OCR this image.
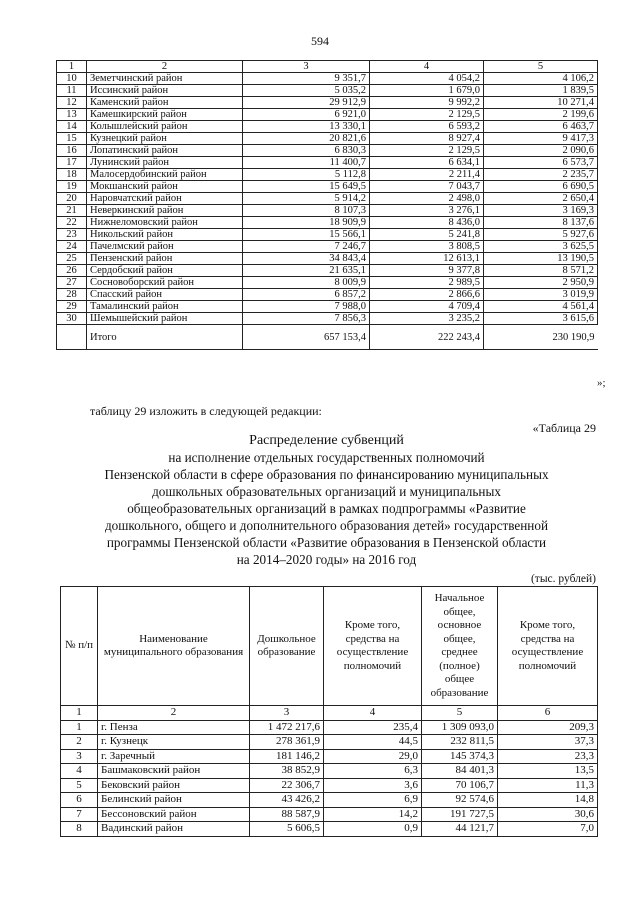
594
1	2	3	4	5
10	Земетчинский район	9 351,7	4 054,2	4 106,2
11	Иссинский район	5 035,2	1 679,0	1 839,5
12	Каменский район	29 912,9	9 992,2	10 271,4
13	Камешкирский район	6 921,0	2 129,5	2 199,6
14	Колышлейский район	13 330,1	6 593,2	6 463,7
15	Кузнецкий район	20 821,6	8 927,4	9 417,3
16	Лопатинский район	6 830,3	2 129,5	2 090,6
17	Лунинский район	11 400,7	6 634,1	6 573,7
18	Малосердобинский район	5 112,8	2 211,4	2 235,7
19	Мокшанский район	15 649,5	7 043,7	6 690,5
20	Наровчатский район	5 914,2	2 498,0	2 650,4
21	Неверкинский район	8 107,3	3 276,1	3 169,3
22	Нижнеломовский район	18 909,9	8 436,0	8 137,6
23	Никольский район	15 566,1	5 241,8	5 927,6
24	Пачелмский район	7 246,7	3 808,5	3 625,5
25	Пензенский район	34 843,4	12 613,1	13 190,5
26	Сердобский район	21 635,1	9 377,8	8 571,2
27	Сосновоборский район	8 009,9	2 989,5	2 950,9
28	Спасский район	6 857,2	2 866,6	3 019,9
29	Тамалинский район	7 988,0	4 709,4	4 561,4
30	Шемышейский район	7 856,3	3 235,2	3 615,6
	Итого	657 153,4	222 243,4	230 190,9
»;
таблицу 29 изложить в следующей редакции:
«Таблица 29
Распределение субвенций
на исполнение отдельных государственных полномочий
Пензенской области в сфере образования по финансированию муниципальных
дошкольных образовательных организаций и муниципальных
общеобразовательных организаций в рамках подпрограммы «Развитие
дошкольного, общего и дополнительного образования детей» государственной
программы Пензенской области «Развитие образования в Пензенской области
на 2014–2020 годы» на 2016 год
(тыс. рублей)
№ п/п	Наименование муниципального образования	Дошкольное образование	Кроме того, средства на осуществление полномочий	Начальное общее, основное общее, среднее (полное) общее образование	Кроме того, средства на осуществление полномочий
1	2	3	4	5	6
1	г. Пенза	1 472 217,6	235,4	1 309 093,0	209,3
2	г. Кузнецк	278 361,9	44,5	232 811,5	37,3
3	г. Заречный	181 146,2	29,0	145 374,3	23,3
4	Башмаковский район	38 852,9	6,3	84 401,3	13,5
5	Бековский район	22 306,7	3,6	70 106,7	11,3
6	Белинский район	43 426,2	6,9	92 574,6	14,8
7	Бессоновский район	88 587,9	14,2	191 727,5	30,6
8	Вадинский район	5 606,5	0,9	44 121,7	7,0
